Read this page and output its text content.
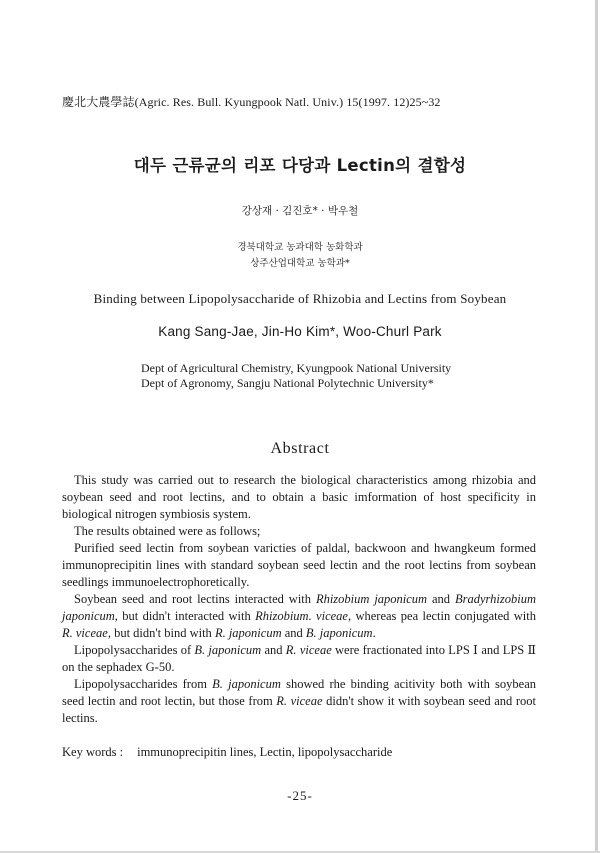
慶北大農學誌(Agric. Res. Bull. Kyungpook Natl. Univ.) 15(1997. 12)25~32
대두 근류균의 리포 다당과 Lectin의 결합성
강상재 · 김진호* · 박우철
경북대학교 농과대학 농화학과
상주산업대학교 농학과*
Binding between Lipopolysaccharide of Rhizobia and Lectins from Soybean
Kang Sang-Jae, Jin-Ho Kim*, Woo-Churl Park
Dept of Agricultural Chemistry, Kyungpook National University
Dept of Agronomy, Sangju National Polytechnic University*
Abstract

This study was carried out to research the biological characteristics among rhizobia and soybean seed and root lectins, and to obtain a basic imformation of host specificity in biological nitrogen symbiosis system.

The results obtained were as follows;

Purified seed lectin from soybean varicties of paldal, backwoon and hwangkeum formed immunoprecipitin lines with standard soybean seed lectin and the root lectins from soybean seedlings immunoelectrophoretically.

Soybean seed and root lectins interacted with Rhizobium japonicum and Bradyrhizobium japonicum, but didn't interacted with Rhizobium. viceae, whereas pea lectin conjugated with R. viceae, but didn't bind with R. japonicum and B. japonicum.

Lipopolysaccharides of B. japonicum and R. viceae were fractionated into LPS Ⅰ and LPS Ⅱ on the sephadex G-50.

Lipopolysaccharides from B. japonicum showed rhe binding acitivity both with soybean seed lectin and root lectin, but those from R. viceae didn't show it with soybean seed and root lectins.

Key words : immunoprecipitin lines, Lectin, lipopolysaccharide
-25-
